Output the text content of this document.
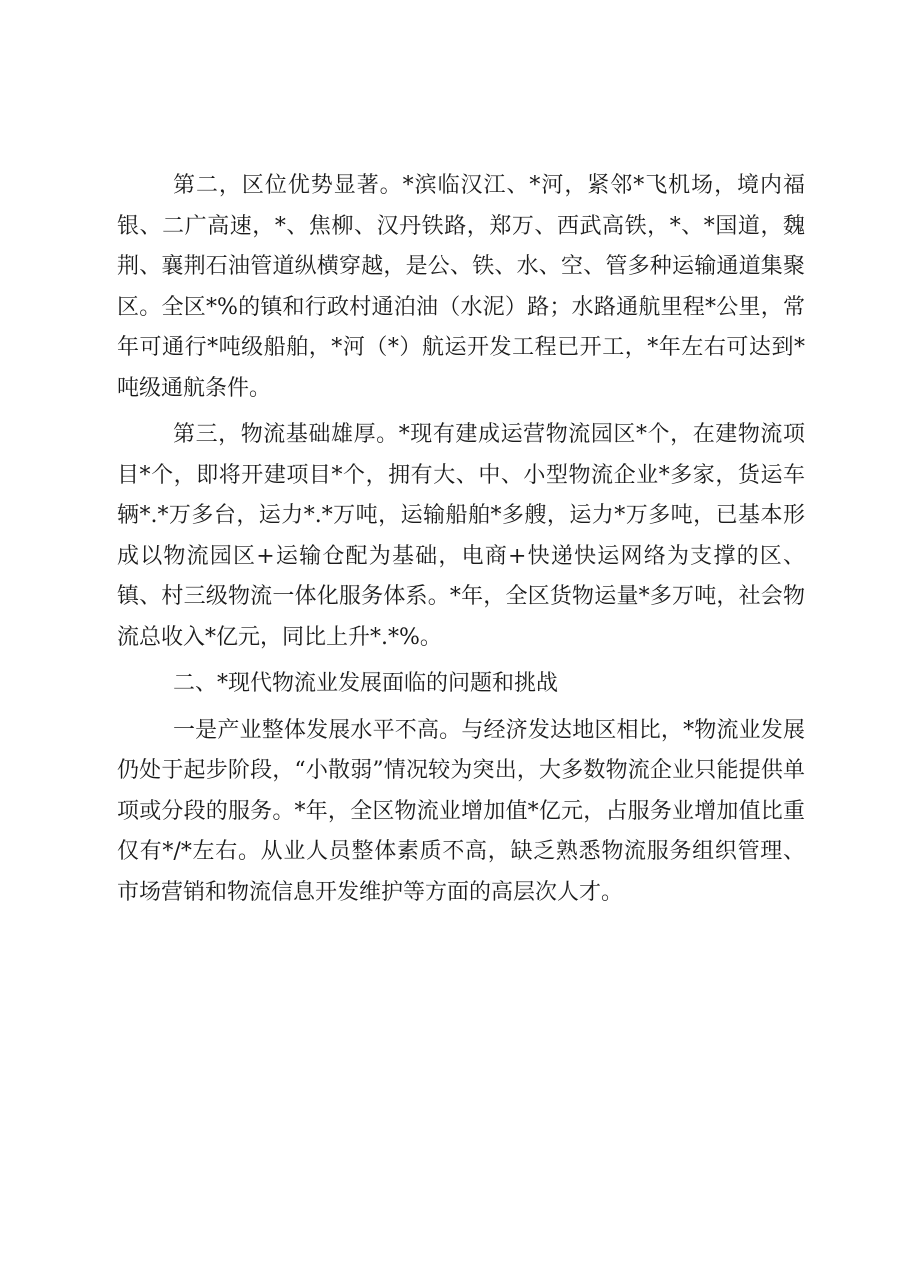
第二，区位优势显著。*滨临汉江、*河，紧邻*飞机场，境内福银、二广高速，*、焦柳、汉丹铁路，郑万、西武高铁，*、*国道，魏荆、襄荆石油管道纵横穿越，是公、铁、水、空、管多种运输通道集聚区。全区*%的镇和行政村通泊油（水泥）路；水路通航里程*公里，常年可通行*吨级船舶，*河（*）航运开发工程已开工，*年左右可达到*吨级通航条件。

第三，物流基础雄厚。*现有建成运营物流园区*个，在建物流项目*个，即将开建项目*个，拥有大、中、小型物流企业*多家，货运车辆*.*万多台，运力*.*万吨，运输船舶*多艘，运力*万多吨，已基本形成以物流园区+运输仓配为基础，电商+快递快运网络为支撑的区、镇、村三级物流一体化服务体系。*年，全区货物运量*多万吨，社会物流总收入*亿元，同比上升*.*%。

二、*现代物流业发展面临的问题和挑战

一是产业整体发展水平不高。与经济发达地区相比，*物流业发展仍处于起步阶段，“小散弱”情况较为突出，大多数物流企业只能提供单项或分段的服务。*年，全区物流业增加值*亿元，占服务业增加值比重仅有*/*左右。从业人员整体素质不高，缺乏熟悉物流服务组织管理、市场营销和物流信息开发维护等方面的高层次人才。
